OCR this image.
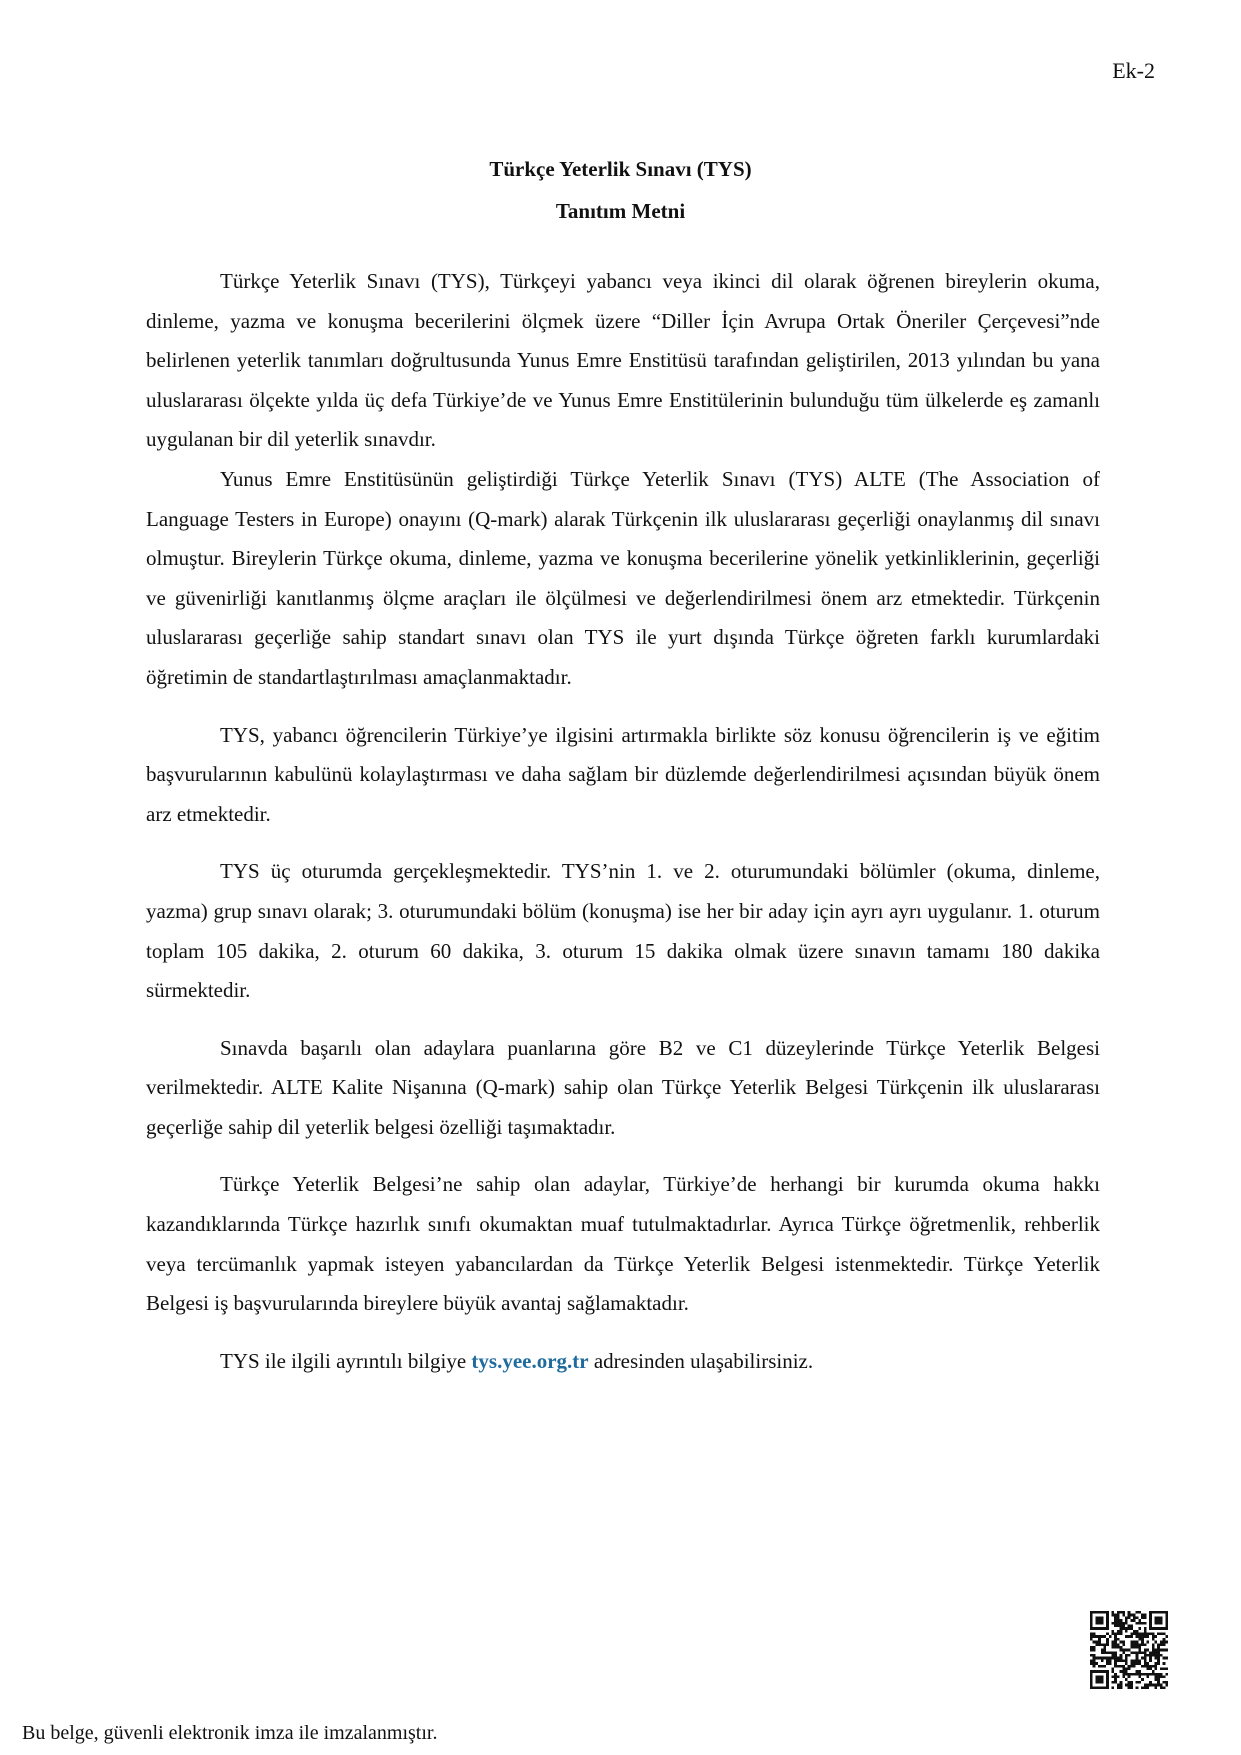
Ek-2
Türkçe Yeterlik Sınavı (TYS)
Tanıtım Metni

Türkçe Yeterlik Sınavı (TYS), Türkçeyi yabancı veya ikinci dil olarak öğrenen bireylerin okuma, dinleme, yazma ve konuşma becerilerini ölçmek üzere “Diller İçin Avrupa Ortak Öneriler Çerçevesi”nde belirlenen yeterlik tanımları doğrultusunda Yunus Emre Enstitüsü tarafından geliştirilen, 2013 yılından bu yana uluslararası ölçekte yılda üç defa Türkiye’de ve Yunus Emre Enstitülerinin bulunduğu tüm ülkelerde eş zamanlı uygulanan bir dil yeterlik sınavdır.

Yunus Emre Enstitüsünün geliştirdiği Türkçe Yeterlik Sınavı (TYS) ALTE (The Association of Language Testers in Europe) onayını (Q-mark) alarak Türkçenin ilk uluslararası geçerliği onaylanmış dil sınavı olmuştur. Bireylerin Türkçe okuma, dinleme, yazma ve konuşma becerilerine yönelik yetkinliklerinin, geçerliği ve güvenirliği kanıtlanmış ölçme araçları ile ölçülmesi ve değerlendirilmesi önem arz etmektedir. Türkçenin uluslararası geçerliğe sahip standart sınavı olan TYS ile yurt dışında Türkçe öğreten farklı kurumlardaki öğretimin de standartlaştırılması amaçlanmaktadır.

TYS, yabancı öğrencilerin Türkiye’ye ilgisini artırmakla birlikte söz konusu öğrencilerin iş ve eğitim başvurularının kabulünü kolaylaştırması ve daha sağlam bir düzlemde değerlendirilmesi açısından büyük önem arz etmektedir.

TYS üç oturumda gerçekleşmektedir. TYS’nin 1. ve 2. oturumundaki bölümler (okuma, dinleme, yazma) grup sınavı olarak; 3. oturumundaki bölüm (konuşma) ise her bir aday için ayrı ayrı uygulanır. 1. oturum toplam 105 dakika, 2. oturum 60 dakika, 3. oturum 15 dakika olmak üzere sınavın tamamı 180 dakika sürmektedir.

Sınavda başarılı olan adaylara puanlarına göre B2 ve C1 düzeylerinde Türkçe Yeterlik Belgesi verilmektedir. ALTE Kalite Nişanına (Q-mark) sahip olan Türkçe Yeterlik Belgesi Türkçenin ilk uluslararası geçerliğe sahip dil yeterlik belgesi özelliği taşımaktadır.

Türkçe Yeterlik Belgesi’ne sahip olan adaylar, Türkiye’de herhangi bir kurumda okuma hakkı kazandıklarında Türkçe hazırlık sınıfı okumaktan muaf tutulmaktadırlar. Ayrıca Türkçe öğretmenlik, rehberlik veya tercümanlık yapmak isteyen yabancılardan da Türkçe Yeterlik Belgesi istenmektedir. Türkçe Yeterlik Belgesi iş başvurularında bireylere büyük avantaj sağlamaktadır.

TYS ile ilgili ayrıntılı bilgiye tys.yee.org.tr adresinden ulaşabilirsiniz.

Bu belge, güvenli elektronik imza ile imzalanmıştır.
